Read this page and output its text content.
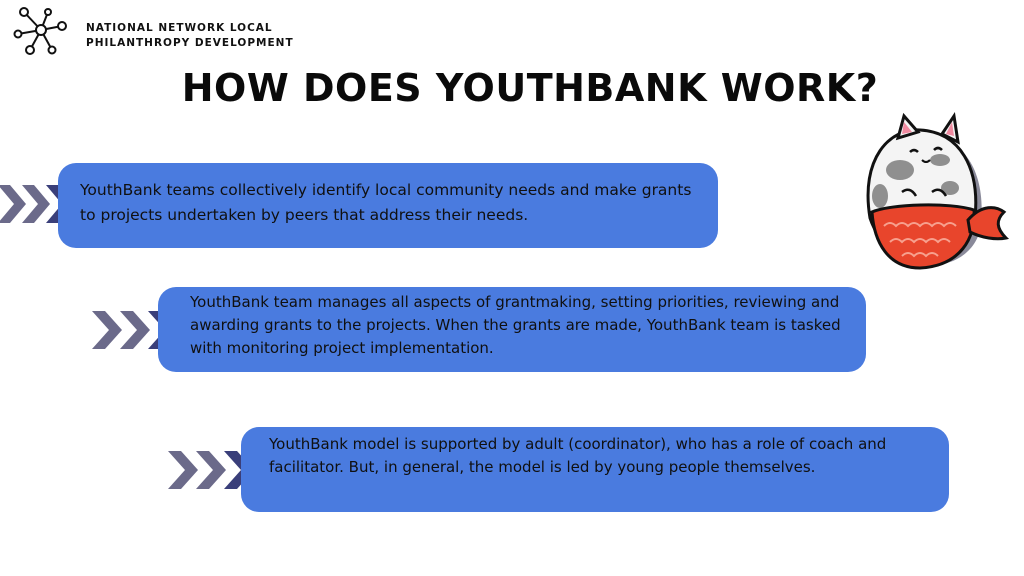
NATIONAL NETWORK LOCAL
PHILANTHROPY DEVELOPMENT
HOW DOES YOUTHBANK WORK?
YouthBank teams collectively identify local community needs and make grants to projects undertaken by peers that address their needs.
YouthBank team manages all aspects of grantmaking, setting priorities, reviewing and awarding grants to the projects. When the grants are made, YouthBank team is tasked with monitoring project implementation.
YouthBank model is supported by adult (coordinator), who has a role of coach and facilitator. But, in general, the model is led by young people themselves.
